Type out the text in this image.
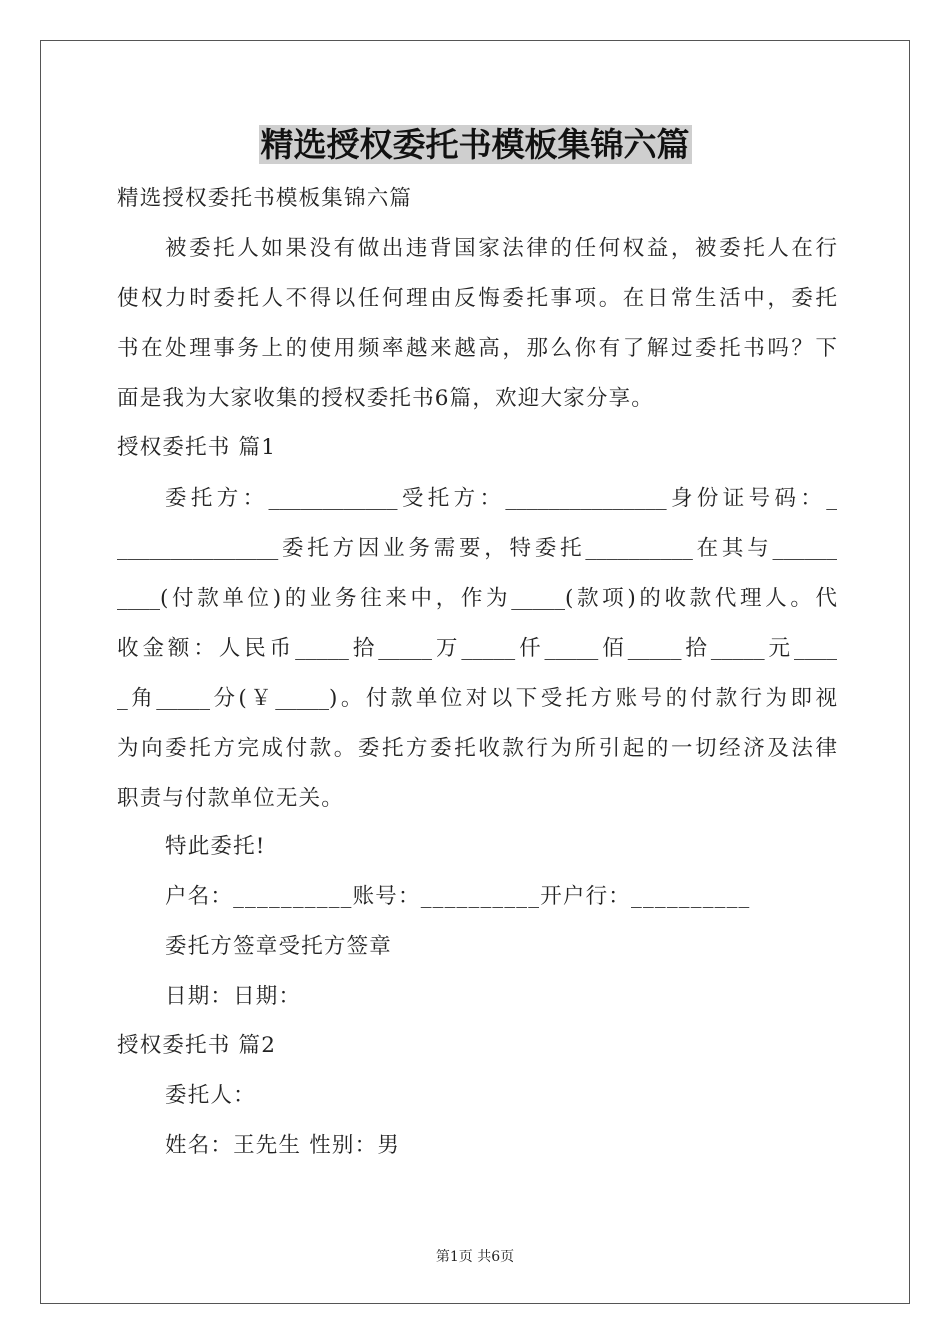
精选授权委托书模板集锦六篇
精选授权委托书模板集锦六篇
被委托人如果没有做出违背国家法律的任何权益，被委托人在行
使权力时委托人不得以任何理由反悔委托事项。在日常生活中，委托
书在处理事务上的使用频率越来越高，那么你有了解过委托书吗？下
面是我为大家收集的授权委托书6篇，欢迎大家分享。
授权委托书 篇1
委托方：____________受托方：_______________身份证号码：_
_______________委托方因业务需要，特委托__________在其与______
____(付款单位)的业务往来中，作为_____(款项)的收款代理人。代
收金额：人民币_____拾_____万_____仟_____佰_____拾_____元____
_角_____分(￥_____)。付款单位对以下受托方账号的付款行为即视
为向委托方完成付款。委托方委托收款行为所引起的一切经济及法律
职责与付款单位无关。
特此委托!
户名：__________账号：__________开户行：__________
委托方签章受托方签章
日期：日期：
授权委托书 篇2
委托人：
姓名：王先生 性别：男
第1页 共6页
